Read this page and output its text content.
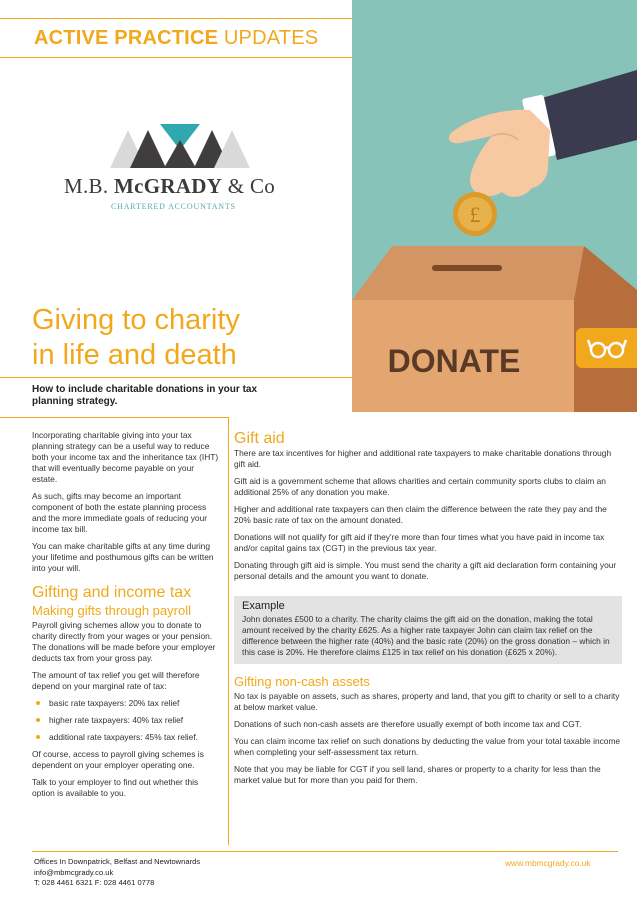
ACTIVE PRACTICE UPDATES
£
DONATE
M.B. McGRADY & Co
CHARTERED ACCOUNTANTS
Giving to charity
in life and death
How to include charitable donations in your tax planning strategy.

Incorporating charitable giving into your tax planning strategy can be a useful way to reduce both your income tax and the inheritance tax (IHT) that will eventually become payable on your estate.

As such, gifts may become an important component of both the estate planning process and the more immediate goals of reducing your income tax bill.

You can make charitable gifts at any time during your lifetime and posthumous gifts can be written into your will.

Gifting and income tax
Making gifts through payroll

Payroll giving schemes allow you to donate to charity directly from your wages or your pension. The donations will be made before your employer deducts tax from your gross pay.

The amount of tax relief you get will therefore depend on your marginal rate of tax:

basic rate taxpayers: 20% tax relief
higher rate taxpayers: 40% tax relief
additional rate taxpayers: 45% tax relief.

Of course, access to payroll giving schemes is dependent on your employer operating one.

Talk to your employer to find out whether this option is available to you.

Gift aid

There are tax incentives for higher and additional rate taxpayers to make charitable donations through gift aid.

Gift aid is a government scheme that allows charities and certain community sports clubs to claim an additional 25% of any donation you make.

Higher and additional rate taxpayers can then claim the difference between the rate they pay and the 20% basic rate of tax on the amount donated.

Donations will not qualify for gift aid if they're more than four times what you have paid in income tax and/or capital gains tax (CGT) in the previous tax year.

Donating through gift aid is simple. You must send the charity a gift aid declaration form containing your personal details and the amount you want to donate.

Example
John donates £500 to a charity. The charity claims the gift aid on the donation, making the total amount received by the charity £625. As a higher rate taxpayer John can claim tax relief on the difference between the higher rate (40%) and the basic rate (20%) on the gross donation – which in this case is 20%. He therefore claims £125 in tax relief on his donation (£625 x 20%).
Gifting non-cash assets

No tax is payable on assets, such as shares, property and land, that you gift to charity or sell to a charity at below market value.

Donations of such non-cash assets are therefore usually exempt of both income tax and CGT.

You can claim income tax relief on such donations by deducting the value from your total taxable income when completing your self-assessment tax return.

Note that you may be liable for CGT if you sell land, shares or property to a charity for less than the market value but for more than you paid for them.

Offices In Downpatrick, Belfast and Newtownards
info@mbmcgrady.co.uk
T: 028 4461 6321 F: 028 4461 0778
www.mbmcgrady.co.uk
